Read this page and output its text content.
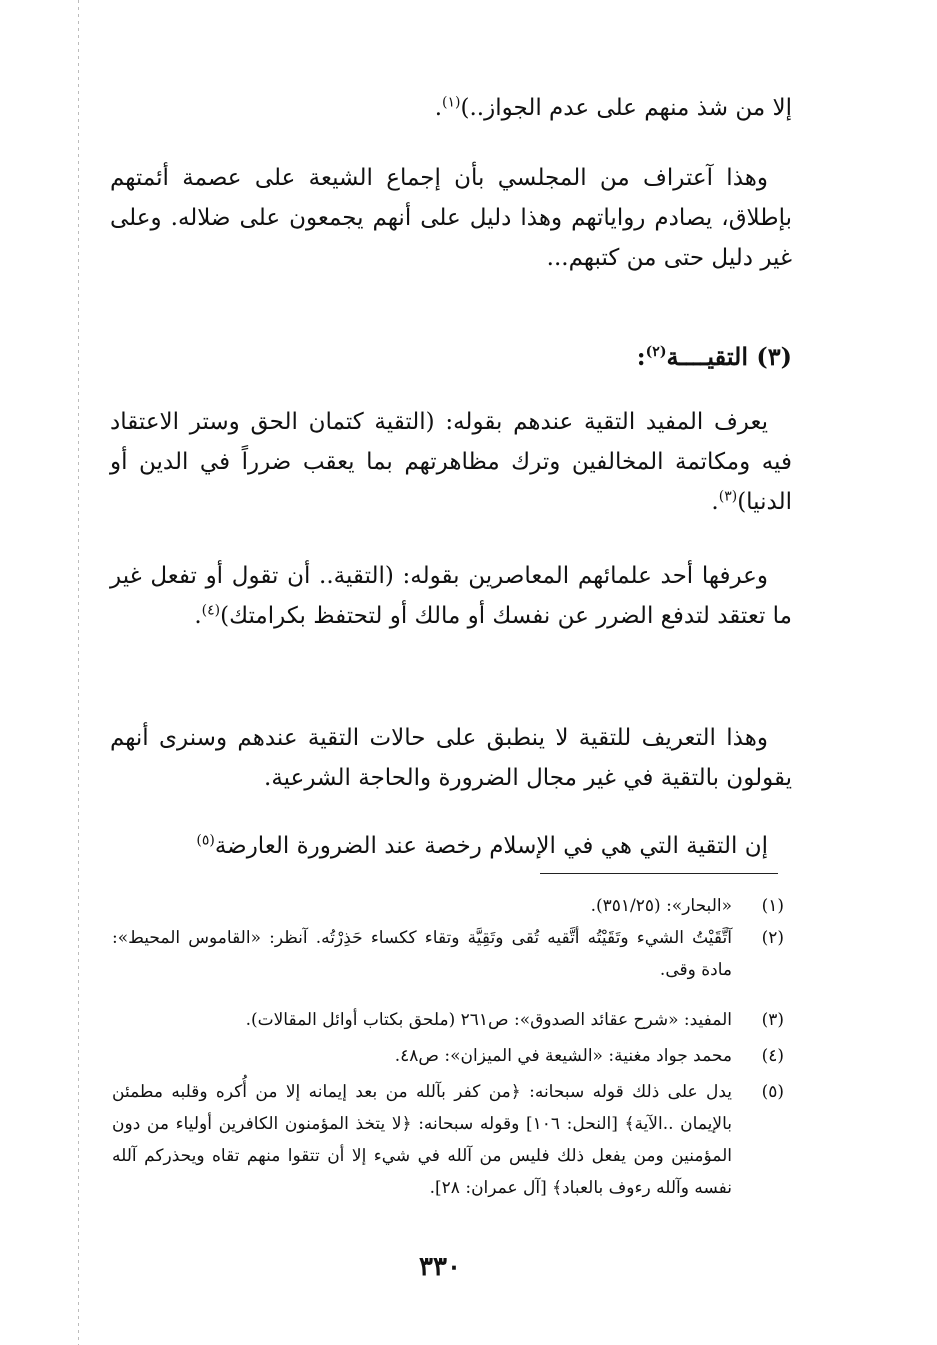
إلا من شذ منهم على عدم الجواز..)$^{(١)}$.

وهذا آعتراف من المجلسي بأن إجماع الشيعة على عصمة أئمتهم بإطلاق، يصادم رواياتهم وهذا دليل على أنهم يجمعون على ضلاله. وعلى غير دليل حتى من كتبهم...

(٣) التقيــــة$^{(٢)}$:

يعرف المفيد التقية عندهم بقوله: (التقية كتمان الحق وستر الاعتقاد فيه ومكاتمة المخالفين وترك مظاهرتهم بما يعقب ضرراً في الدين أو الدنيا)$^{(٣)}$.

وعرفها أحد علمائهم المعاصرين بقوله: (التقية.. أن تقول أو تفعل غير ما تعتقد لتدفع الضرر عن نفسك أو مالك أو لتحتفظ بكرامتك)$^{(٤)}$.

وهذا التعريف للتقية لا ينطبق على حالات التقية عندهم وسنرى أنهم يقولون بالتقية في غير مجال الضرورة والحاجة الشرعية.

إن التقية التي هي في الإسلام رخصة عند الضرورة العارضة$^{(٥)}$

(١)
«البحار»: (٣٥١/٢٥).
(٢)
آتَّقَيْتُ الشيء وتَقَيْتُه أتَّقيه تُقى وتَقِيَّة وتقاء ككساء حَذِرْتُه. آنظر: «القاموس المحيط»: مادة وقى.
(٣)
المفيد: «شرح عقائد الصدوق»: ص٢٦١ (ملحق بكتاب أوائل المقالات).
(٤)
محمد جواد مغنية: «الشيعة في الميزان»: ص٤٨.
(٥)
يدل على ذلك قوله سبحانه: ﴿من كفر بآلله من بعد إيمانه إلا من أُكره وقلبه مطمئن بالإيمان ..الآية﴾ [النحل: ١٠٦] وقوله سبحانه: ﴿لا يتخذ المؤمنون الكافرين أولياء من دون المؤمنين ومن يفعل ذلك فليس من آلله في شيء إلا أن تتقوا منهم تقاه ويحذركم آلله نفسه وآلله رءوف بالعباد﴾ [آل عمران: ٢٨].
٣٣٠
